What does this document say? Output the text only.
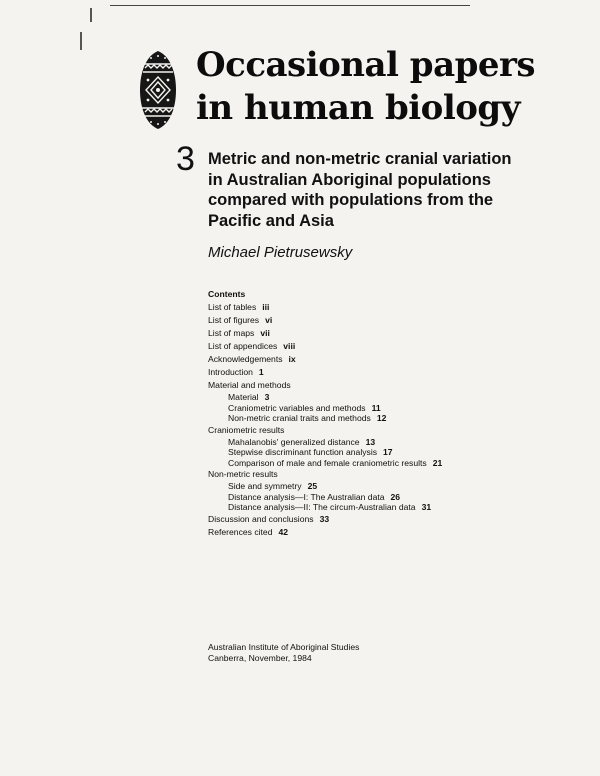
Occasional papers
in human biology
3 Metric and non-metric cranial variation
in Australian Aboriginal populations
compared with populations from the
Pacific and Asia
Michael Pietrusewsky
Contents
List of tables iii
List of figures vi
List of maps vii
List of appendices viii
Acknowledgements ix
Introduction 1
Material and methods
Material 3
Craniometric variables and methods 11
Non-metric cranial traits and methods 12
Craniometric results
Mahalanobis' generalized distance 13
Stepwise discriminant function analysis 17
Comparison of male and female craniometric results 21
Non-metric results
Side and symmetry 25
Distance analysis—I: The Australian data 26
Distance analysis—II: The circum-Australian data 31
Discussion and conclusions 33
References cited 42
Australian Institute of Aboriginal Studies
Canberra, November, 1984
